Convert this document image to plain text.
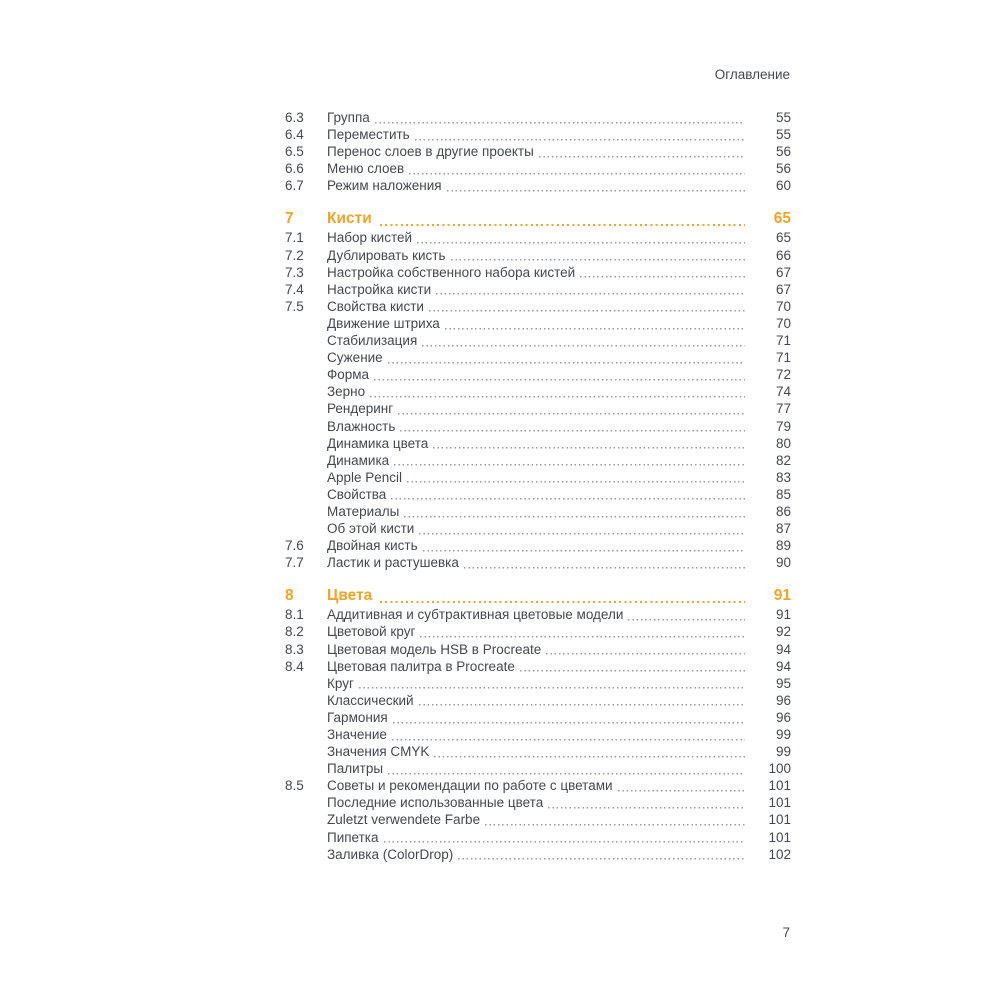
Оглавление
6.3	Группа	55
6.4	Переместить	55
6.5	Перенос слоев в другие проекты	56
6.6	Меню слоев	56
6.7	Режим наложения	60
7	Кисти	65
7.1	Набор кистей	65
7.2	Дублировать кисть	66
7.3	Настройка собственного набора кистей	67
7.4	Настройка кисти	67
7.5	Свойства кисти	70
Движение штриха	70
Стабилизация	71
Сужение	71
Форма	72
Зерно	74
Рендеринг	77
Влажность	79
Динамика цвета	80
Динамика	82
Apple Pencil	83
Свойства	85
Материалы	86
Об этой кисти	87
7.6	Двойная кисть	89
7.7	Ластик и растушевка	90
8	Цвета	91
8.1	Аддитивная и субтрактивная цветовые модели	91
8.2	Цветовой круг	92
8.3	Цветовая модель HSB в Procreate	94
8.4	Цветовая палитра в Procreate	94
Круг	95
Классический	96
Гармония	96
Значение	99
Значения CMYK	99
Палитры	100
8.5	Советы и рекомендации по работе с цветами	101
Последние использованные цвета	101
Zuletzt verwendete Farbe	101
Пипетка	101
Заливка (ColorDrop)	102
7
